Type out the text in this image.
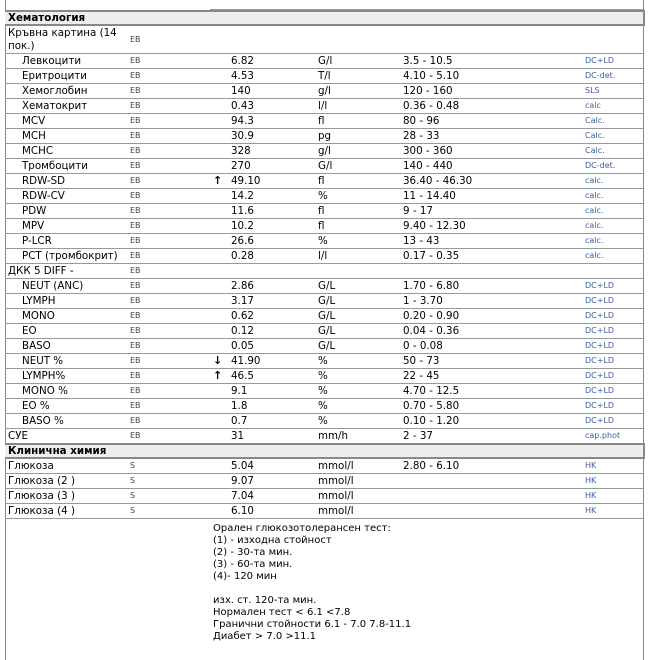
Хематология					
Кръвна картина (14 пок.)	EB				
Левкоцити	EB	6.82	G/l	3.5 - 10.5	DC+LD
Еритроцити	EB	4.53	T/l	4.10 - 5.10	DC-det.
Хемоглобин	EB	140	g/l	120 - 160	SLS
Хематокрит	EB	0.43	l/l	0.36 - 0.48	calc
MCV	EB	94.3	fl	80 - 96	Calc.
MCH	EB	30.9	pg	28 - 33	Calc.
MCHC	EB	328	g/l	300 - 360	Calc.
Тромбоцити	EB	270	G/l	140 - 440	DC-det.
RDW-SD	EB	↑ 49.10	fl	36.40 - 46.30	calc.
RDW-CV	EB	14.2	%	11 - 14.40	calc.
PDW	EB	11.6	fl	9 - 17	calc.
MPV	EB	10.2	fl	9.40 - 12.30	calc.
P-LCR	EB	26.6	%	13 - 43	calc.
PCT (тромбокрит)	EB	0.28	l/l	0.17 - 0.35	calc.
ДКК 5 DIFF -	EB				
NEUT (ANC)	EB	2.86	G/L	1.70 - 6.80	DC+LD
LYMPH	EB	3.17	G/L	1 - 3.70	DC+LD
MONO	EB	0.62	G/L	0.20 - 0.90	DC+LD
EO	EB	0.12	G/L	0.04 - 0.36	DC+LD
BASO	EB	0.05	G/L	0 - 0.08	DC+LD
NEUT %	EB	↓ 41.90	%	50 - 73	DC+LD
LYMPH%	EB	↑ 46.5	%	22 - 45	DC+LD
MONO %	EB	9.1	%	4.70 - 12.5	DC+LD
EO %	EB	1.8	%	0.70 - 5.80	DC+LD
BASO %	EB	0.7	%	0.10 - 1.20	DC+LD
СУЕ	EB	31	mm/h	2 - 37	cap.phot
Клинична химия					
Глюкоза	S	5.04	mmol/l	2.80 - 6.10	HK
Глюкоза (2 )	S	9.07	mmol/l		HK
Глюкоза (3 )	S	7.04	mmol/l		HK
Глюкоза (4 )	S	6.10	mmol/l		HK
Орален глюкозотолерансен тест:
(1) - изходна стойност
(2) - 30-та мин.
(3) - 60-та мин.
(4)- 120 мин
изх. ст. 120-та мин.
Нормален тест < 6.1 <7.8
Гранични стойности 6.1 - 7.0 7.8-11.1
Диабет > 7.0 >11.1
